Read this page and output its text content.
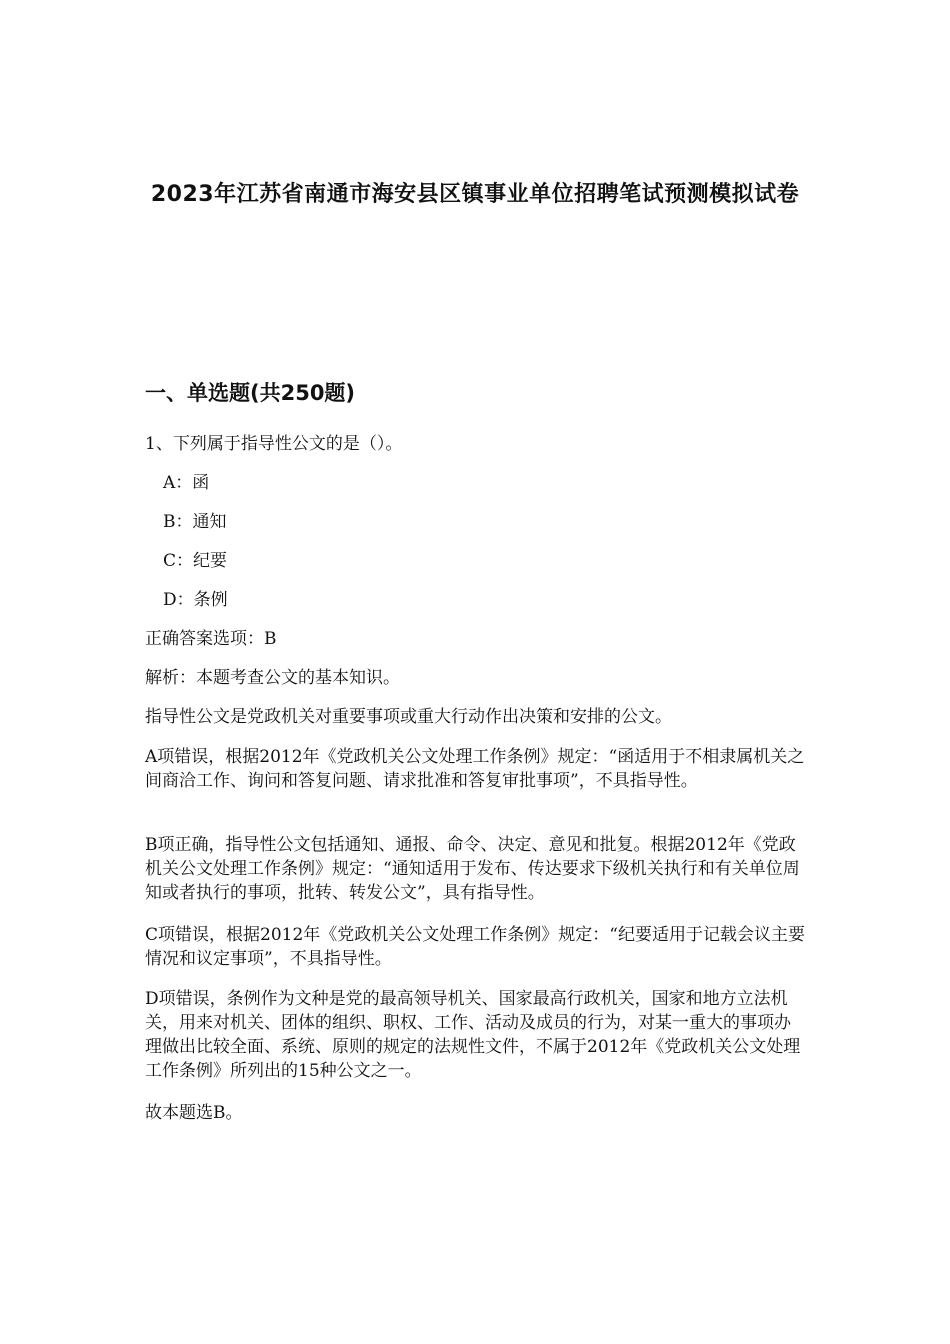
2023年江苏省南通市海安县区镇事业单位招聘笔试预测模拟试卷
一、单选题(共250题)

1、下列属于指导性公文的是（）。

A：函

B：通知

C：纪要

D：条例

正确答案选项：B

解析：本题考查公文的基本知识。

指导性公文是党政机关对重要事项或重大行动作出决策和安排的公文。

A项错误，根据2012年《党政机关公文处理工作条例》规定：“函适用于不相隶属机关之间商洽工作、询问和答复问题、请求批准和答复审批事项”，不具指导性。

B项正确，指导性公文包括通知、通报、命令、决定、意见和批复。根据2012年《党政机关公文处理工作条例》规定：“通知适用于发布、传达要求下级机关执行和有关单位周知或者执行的事项，批转、转发公文”，具有指导性。

C项错误，根据2012年《党政机关公文处理工作条例》规定：“纪要适用于记载会议主要情况和议定事项”，不具指导性。

D项错误，条例作为文种是党的最高领导机关、国家最高行政机关，国家和地方立法机关，用来对机关、团体的组织、职权、工作、活动及成员的行为，对某一重大的事项办理做出比较全面、系统、原则的规定的法规性文件，不属于2012年《党政机关公文处理工作条例》所列出的15种公文之一。

故本题选B。
